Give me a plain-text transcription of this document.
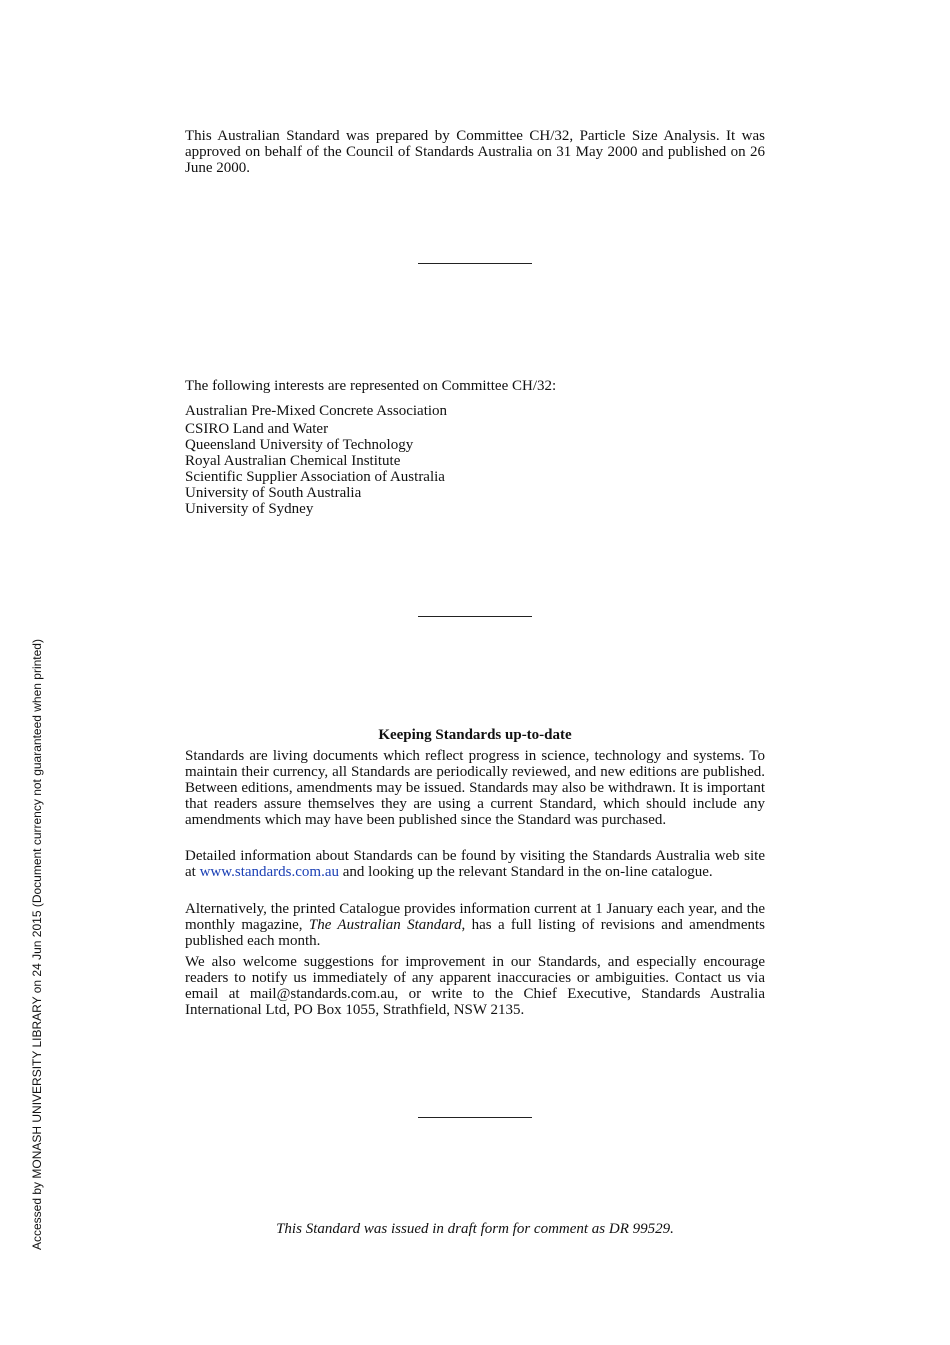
This Australian Standard was prepared by Committee CH/32, Particle Size Analysis. It was approved on behalf of the Council of Standards Australia on 31 May 2000 and published on 26 June 2000.

The following interests are represented on Committee CH/32:

Australian Pre-Mixed Concrete Association

CSIRO Land and Water

Queensland University of Technology

Royal Australian Chemical Institute

Scientific Supplier Association of Australia

University of South Australia

University of Sydney

Keeping Standards up-to-date

Standards are living documents which reflect progress in science, technology and systems. To maintain their currency, all Standards are periodically reviewed, and new editions are published. Between editions, amendments may be issued. Standards may also be withdrawn. It is important that readers assure themselves they are using a current Standard, which should include any amendments which may have been published since the Standard was purchased.

Detailed information about Standards can be found by visiting the Standards Australia web site at www.standards.com.au and looking up the relevant Standard in the on-line catalogue.

Alternatively, the printed Catalogue provides information current at 1 January each year, and the monthly magazine, The Australian Standard, has a full listing of revisions and amendments published each month.

We also welcome suggestions for improvement in our Standards, and especially encourage readers to notify us immediately of any apparent inaccuracies or ambiguities. Contact us via email at mail@standards.com.au, or write to the Chief Executive, Standards Australia International Ltd, PO Box 1055, Strathfield, NSW 2135.

This Standard was issued in draft form for comment as DR 99529.

Accessed by MONASH UNIVERSITY LIBRARY on 24 Jun 2015 (Document currency not guaranteed when printed)
